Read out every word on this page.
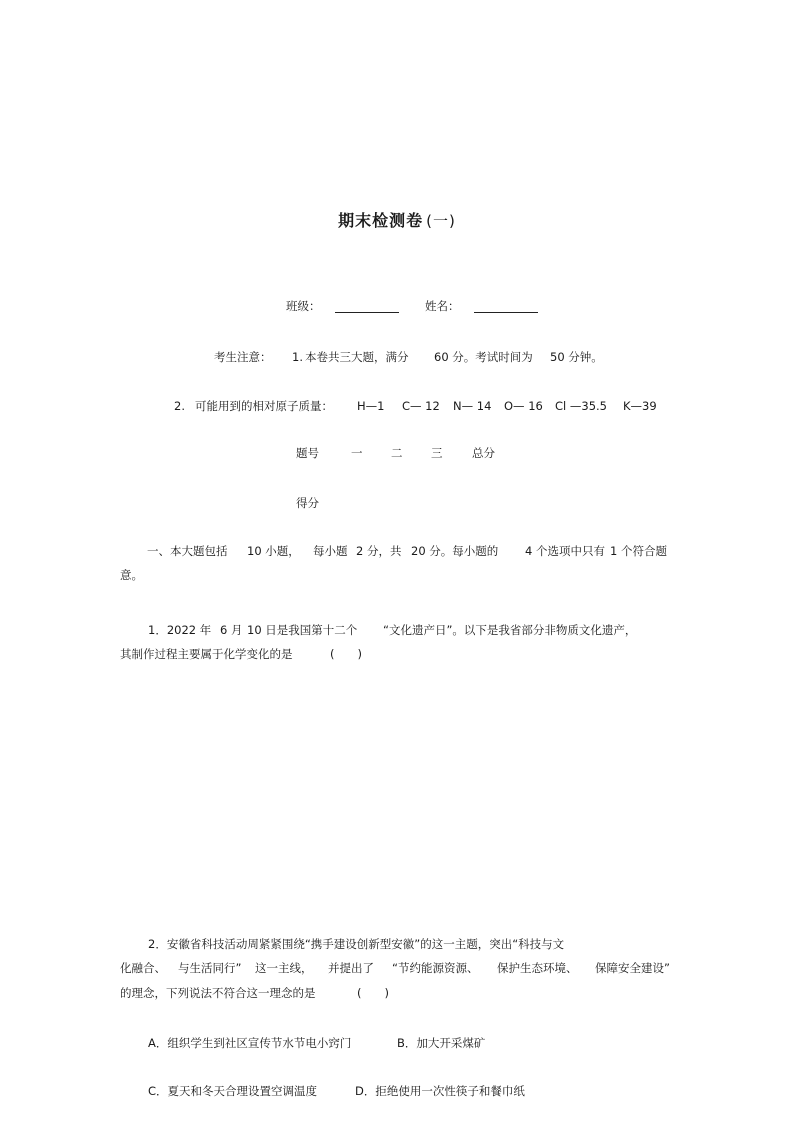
期末检测卷 (一)
班级：	姓名：
考生注意： 1. 本卷共三大题，满分 60 分。考试时间为 50 分钟。
2. 可能用到的相对原子质量： H—1 C— 12 N— 14 O— 16 Cl —35.5 K—39
题号	一 二 三	总分
得分
一、本大题包括 10 小题， 每小题 2 分，共 20 分。每小题的 4 个选项中只有 1 个符合题
意。
1．2022 年 6 月 10 日是我国第十二个 “文化遗产日”。以下是我省部分非物质文化遗产，
其制作过程主要属于化学变化的是	(　　)
2．安徽省科技活动周紧紧围绕“携手建设创新型安徽”的这一主题，突出“科技与文
化融合、 与生活同行” 这一主线， 并提出了 “节约能源资源、 保护生态环境、 保障安全建设”
的理念，下列说法不符合这一理念的是	(　　)
A．组织学生到社区宣传节水节电小窍门	B．加大开采煤矿
C．夏天和冬天合理设置空调温度	D．拒绝使用一次性筷子和餐巾纸
